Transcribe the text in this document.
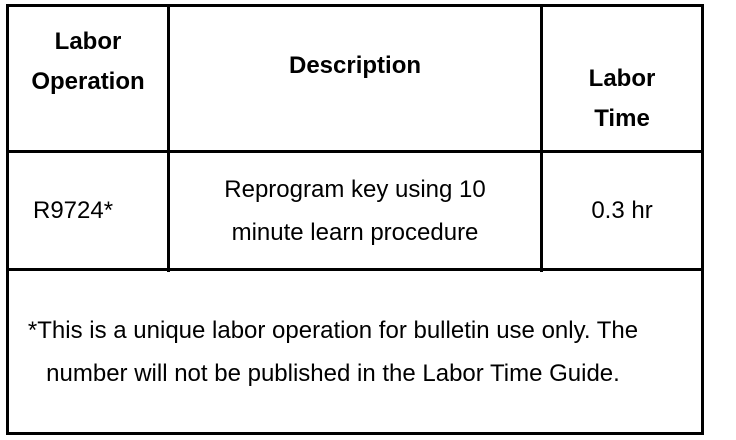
Labor Operation
Description	Labor Time
R9724*
Reprogram key using 10 minute learn procedure
0.3 hr
*This is a unique labor operation for bulletin use only. The number will not be published in the Labor Time Guide.
